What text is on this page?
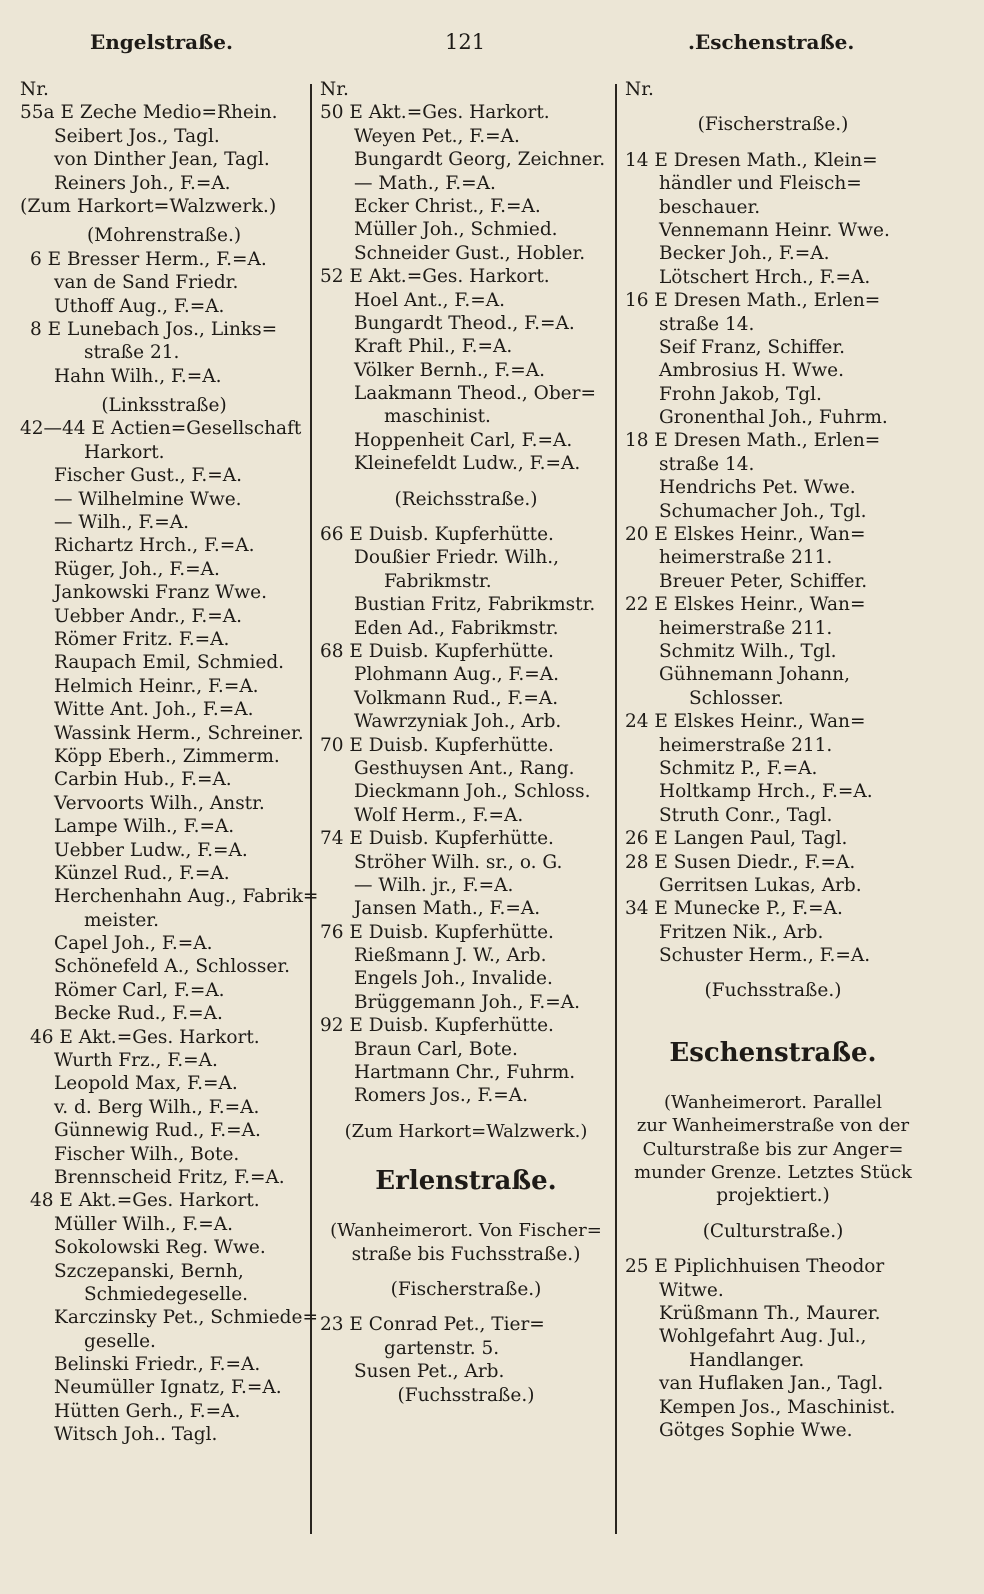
Engelstraße.	121	.Eschenstraße.
Nr.
55a E Zeche Medio=Rhein.
Seibert Jos., Tagl.
von Dinther Jean, Tagl.
Reiners Joh., F.=A.
(Zum Harkort=Walzwerk.)
(Mohrenstraße.)
6 E Bresser Herm., F.=A.
van de Sand Friedr.
Uthoff Aug., F.=A.
8 E Lunebach Jos., Links=
straße 21.
Hahn Wilh., F.=A.
(Linksstraße)
42—44 E Actien=Gesellschaft
Harkort.
Fischer Gust., F.=A.
— Wilhelmine Wwe.
— Wilh., F.=A.
Richartz Hrch., F.=A.
Rüger, Joh., F.=A.
Jankowski Franz Wwe.
Uebber Andr., F.=A.
Römer Fritz. F.=A.
Raupach Emil, Schmied.
Helmich Heinr., F.=A.
Witte Ant. Joh., F.=A.
Wassink Herm., Schreiner.
Köpp Eberh., Zimmerm.
Carbin Hub., F.=A.
Vervoorts Wilh., Anstr.
Lampe Wilh., F.=A.
Uebber Ludw., F.=A.
Künzel Rud., F.=A.
Herchenhahn Aug., Fabrik=
meister.
Capel Joh., F.=A.
Schönefeld A., Schlosser.
Römer Carl, F.=A.
Becke Rud., F.=A.
46 E Akt.=Ges. Harkort.
Wurth Frz., F.=A.
Leopold Max, F.=A.
v. d. Berg Wilh., F.=A.
Günnewig Rud., F.=A.
Fischer Wilh., Bote.
Brennscheid Fritz, F.=A.
48 E Akt.=Ges. Harkort.
Müller Wilh., F.=A.
Sokolowski Reg. Wwe.
Szczepanski, Bernh,
Schmiedegeselle.
Karczinsky Pet., Schmiede=
geselle.
Belinski Friedr., F.=A.
Neumüller Ignatz, F.=A.
Hütten Gerh., F.=A.
Witsch Joh.. Tagl.
Nr.
50 E Akt.=Ges. Harkort.
Weyen Pet., F.=A.
Bungardt Georg, Zeichner.
— Math., F.=A.
Ecker Christ., F.=A.
Müller Joh., Schmied.
Schneider Gust., Hobler.
52 E Akt.=Ges. Harkort.
Hoel Ant., F.=A.
Bungardt Theod., F.=A.
Kraft Phil., F.=A.
Völker Bernh., F.=A.
Laakmann Theod., Ober=
maschinist.
Hoppenheit Carl, F.=A.
Kleinefeldt Ludw., F.=A.
(Reichsstraße.)
66 E Duisb. Kupferhütte.
Doußier Friedr. Wilh.,
Fabrikmstr.
Bustian Fritz, Fabrikmstr.
Eden Ad., Fabrikmstr.
68 E Duisb. Kupferhütte.
Plohmann Aug., F.=A.
Volkmann Rud., F.=A.
Wawrzyniak Joh., Arb.
70 E Duisb. Kupferhütte.
Gesthuysen Ant., Rang.
Dieckmann Joh., Schloss.
Wolf Herm., F.=A.
74 E Duisb. Kupferhütte.
Ströher Wilh. sr., o. G.
— Wilh. jr., F.=A.
Jansen Math., F.=A.
76 E Duisb. Kupferhütte.
Rießmann J. W., Arb.
Engels Joh., Invalide.
Brüggemann Joh., F.=A.
92 E Duisb. Kupferhütte.
Braun Carl, Bote.
Hartmann Chr., Fuhrm.
Romers Jos., F.=A.
(Zum Harkort=Walzwerk.)
Erlenstraße.
(Wanheimerort. Von Fischer=
straße bis Fuchsstraße.)
(Fischerstraße.)
23 E Conrad Pet., Tier=
gartenstr. 5.
Susen Pet., Arb.
(Fuchsstraße.)
Nr.
(Fischerstraße.)
14 E Dresen Math., Klein=
händler und Fleisch=
beschauer.
Vennemann Heinr. Wwe.
Becker Joh., F.=A.
Lötschert Hrch., F.=A.
16 E Dresen Math., Erlen=
straße 14.
Seif Franz, Schiffer.
Ambrosius H. Wwe.
Frohn Jakob, Tgl.
Gronenthal Joh., Fuhrm.
18 E Dresen Math., Erlen=
straße 14.
Hendrichs Pet. Wwe.
Schumacher Joh., Tgl.
20 E Elskes Heinr., Wan=
heimerstraße 211.
Breuer Peter, Schiffer.
22 E Elskes Heinr., Wan=
heimerstraße 211.
Schmitz Wilh., Tgl.
Gühnemann Johann,
Schlosser.
24 E Elskes Heinr., Wan=
heimerstraße 211.
Schmitz P., F.=A.
Holtkamp Hrch., F.=A.
Struth Conr., Tagl.
26 E Langen Paul, Tagl.
28 E Susen Diedr., F.=A.
Gerritsen Lukas, Arb.
34 E Munecke P., F.=A.
Fritzen Nik., Arb.
Schuster Herm., F.=A.
(Fuchsstraße.)
Eschenstraße.
(Wanheimerort. Parallel
zur Wanheimerstraße von der
Culturstraße bis zur Anger=
munder Grenze. Letztes Stück
projektiert.)
(Culturstraße.)
25 E Piplichhuisen Theodor
Witwe.
Krüßmann Th., Maurer.
Wohlgefahrt Aug. Jul.,
Handlanger.
van Huflaken Jan., Tagl.
Kempen Jos., Maschinist.
Götges Sophie Wwe.
